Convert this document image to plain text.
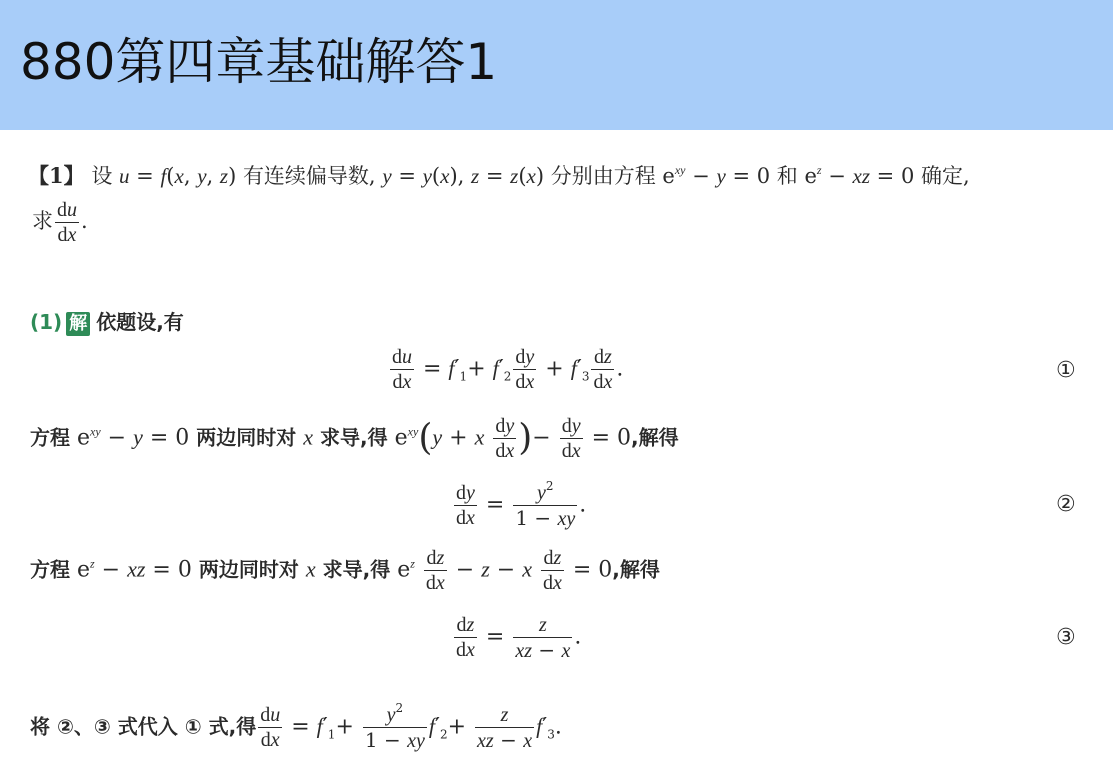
880第四章基础解答1
【1】 设 u = f(x, y, z) 有连续偏导数, y = y(x), z = z(x) 分别由方程 $e^{xy} - y = 0$ 和 $e^z$ − xz = 0 确定,
求 $\frac{du}{dx}$ .
(1) 解 依题设,有
$\frac{du}{dx} = f'_1+ f'_2 \frac{dy}{dx} + f'_3 \frac{dz}{dx}$ .	①
方程 $e^{xy} - y = 0$ 两边同时对 x 求导,得 $e^{xy}(y + x \frac{dy}{dx}$ )− $\frac{dy}{dx} = 0$,解得
$\frac{dy}{dx} = \frac{y^2}{1 - xy}$ .	②
方程 $e^z$ − xz = 0 两边同时对 x 求导,得 $e^z \frac{dz}{dx} - z - x \frac{dz}{dx} = 0$,解得
$\frac{dz}{dx} = \frac{z}{xz - x}$ .	③
将 ②、③ 式代入 ① 式,得 $\frac{du}{dx} = f'_1+ \frac{y^2}{1 - xy} f'_2+ \frac{z}{xz - x} f'_3$.
